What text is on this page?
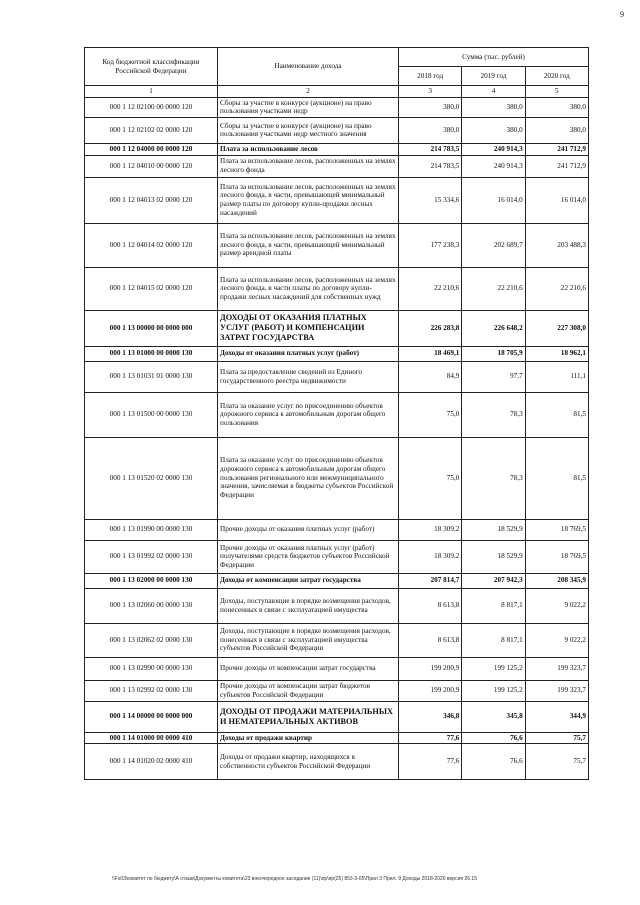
9
Код бюджетной классификации Российской Федерации	Наименование дохода	Сумма (тыс. рублей)		
		2018 год	2019 год	2020 год
1	2	3	4	5
000 1 12 02100 00 0000 120	Сборы за участие в конкурсе (аукционе) на право пользования участками недр	380,0	380,0	380,0
000 1 12 02102 02 0000 120	Сборы за участие в конкурсе (аукционе) на право пользования участками недр местного значения	380,0	380,0	380,0
000 1 12 04000 00 0000 120	Плата за использование лесов	214 783,5	240 914,3	241 712,9
000 1 12 04010 00 0000 120	Плата за использование лесов, расположенных на землях лесного фонда	214 783,5	240 914,3	241 712,9
000 1 12 04013 02 0000 120	Плата за использование лесов, расположенных на землях лесного фонда, в части, превышающей минимальный размер платы по договору купли-продажи лесных насаждений	15 334,6	16 014,0	16 014,0
000 1 12 04014 02 0000 120	Плата за использование лесов, расположенных на землях лесного фонда, в части, превышающей минимальный размер арендной платы	177 238,3	202 689,7	203 488,3
000 1 12 04015 02 0000 120	Плата за использование лесов, расположенных на землях лесного фонда, в части платы по договору купли-продажи лесных насаждений для собственных нужд	22 210,6	22 210,6	22 210,6
000 1 13 00000 00 0000 000	ДОХОДЫ ОТ ОКАЗАНИЯ ПЛАТНЫХ УСЛУГ (РАБОТ) И КОМПЕНСАЦИИ ЗАТРАТ ГОСУДАРСТВА	226 283,8	226 648,2	227 308,0
000 1 13 01000 00 0000 130	Доходы от оказания платных услуг (работ)	18 469,1	18 705,9	18 962,1
000 1 13 01031 01 0000 130	Плата за предоставление сведений из Единого государственного реестра недвижимости	84,9	97,7	111,1
000 1 13 01500 00 0000 130	Плата за оказание услуг по присоединению объектов дорожного сервиса к автомобильным дорогам общего пользования	75,0	78,3	81,5
000 1 13 01520 02 0000 130	Плата за оказание услуг по присоединению объектов дорожного сервиса к автомобильным дорогам общего пользования регионального или межмуниципального значения, зачисляемая в бюджеты субъектов Российской Федерации	75,0	78,3	81,5
000 1 13 01990 00 0000 130	Прочие доходы от оказания платных услуг (работ)	18 309,2	18 529,9	18 769,5
000 1 13 01992 02 0000 130	Прочие доходы от оказания платных услуг (работ) получателями средств бюджетов субъектов Российской Федерации	18 309,2	18 529,9	18 769,5
000 1 13 02000 00 0000 130	Доходы от компенсации затрат государства	207 814,7	207 942,3	208 345,9
000 1 13 02060 00 0000 130	Доходы, поступающие в порядке возмещения расходов, понесенных в связи с эксплуатацией имущества	8 613,8	8 817,1	9 022,2
000 1 13 02062 02 0000 130	Доходы, поступающие в порядке возмещения расходов, понесенных в связи с эксплуатацией имущества субъектов Российской Федерации	8 613,8	8 817,1	9 022,2
000 1 13 02990 00 0000 130	Прочие доходы от компенсации затрат государства	199 200,9	199 125,2	199 323,7
000 1 13 02992 02 0000 130	Прочие доходы от компенсации затрат бюджетов субъектов Российской Федерации	199 200,9	199 125,2	199 323,7
000 1 14 00000 00 0000 000	ДОХОДЫ ОТ ПРОДАЖИ МАТЕРИАЛЬНЫХ И НЕМАТЕРИАЛЬНЫХ АКТИВОВ	346,8	345,8	344,9
000 1 14 01000 00 0000 410	Доходы от продажи квартир	77,6	76,6	75,7
000 1 14 01020 02 0000 410	Доходы от продажи квартир, находящихся в собственности субъектов Российской Федерации	77,6	76,6	75,7
\\Fs03\комитет по бюджету\А отзыв\Документы комитета\23 внеочередное заседание (11)\пр\пр(25) 853-3-05\Прил 3 Прил. 9 Доходы 2018-2020 версия 26.15
